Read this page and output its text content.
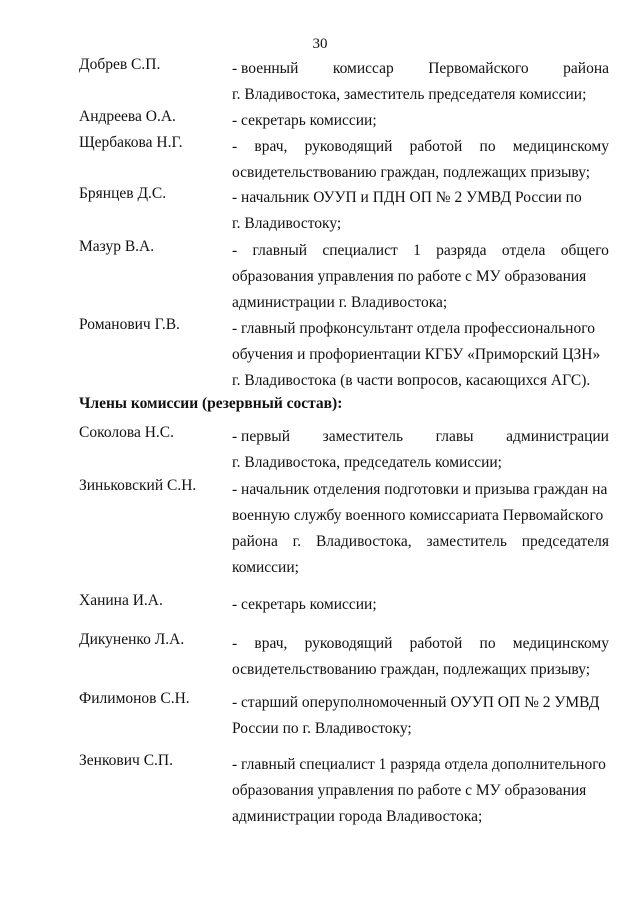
30
Добрев С.П.	- военный комиссар Первомайского района
г. Владивостока, заместитель председателя комиссии;
Андреева О.А.	- секретарь комиссии;
Щербакова Н.Г.	- врач, руководящий работой по медицинскому
освидетельствованию граждан, подлежащих призыву;
Брянцев Д.С.	- начальник ОУУП и ПДН ОП № 2 УМВД России по
г. Владивостоку;
Мазур В.А.	- главный специалист 1 разряда отдела общего
образования управления по работе с МУ образования
администрации г. Владивостока;
Романович Г.В.	- главный профконсультант отдела профессионального
обучения и профориентации КГБУ «Приморский ЦЗН»
г. Владивостока (в части вопросов, касающихся АГС).
Члены комиссии (резервный состав):
Соколова Н.С.	- первый заместитель главы администрации
г. Владивостока, председатель комиссии;
Зиньковский С.Н.	- начальник отделения подготовки и призыва граждан на
военную службу военного комиссариата Первомайского
района г. Владивостока, заместитель председателя
комиссии;
Ханина И.А.	- секретарь комиссии;
Дикуненко Л.А.	- врач, руководящий работой по медицинскому
освидетельствованию граждан, подлежащих призыву;
Филимонов С.Н.	- старший оперуполномоченный ОУУП ОП № 2 УМВД
России по г. Владивостоку;
Зенкович С.П.	- главный специалист 1 разряда отдела дополнительного
образования управления по работе с МУ образования
администрации города Владивостока;
